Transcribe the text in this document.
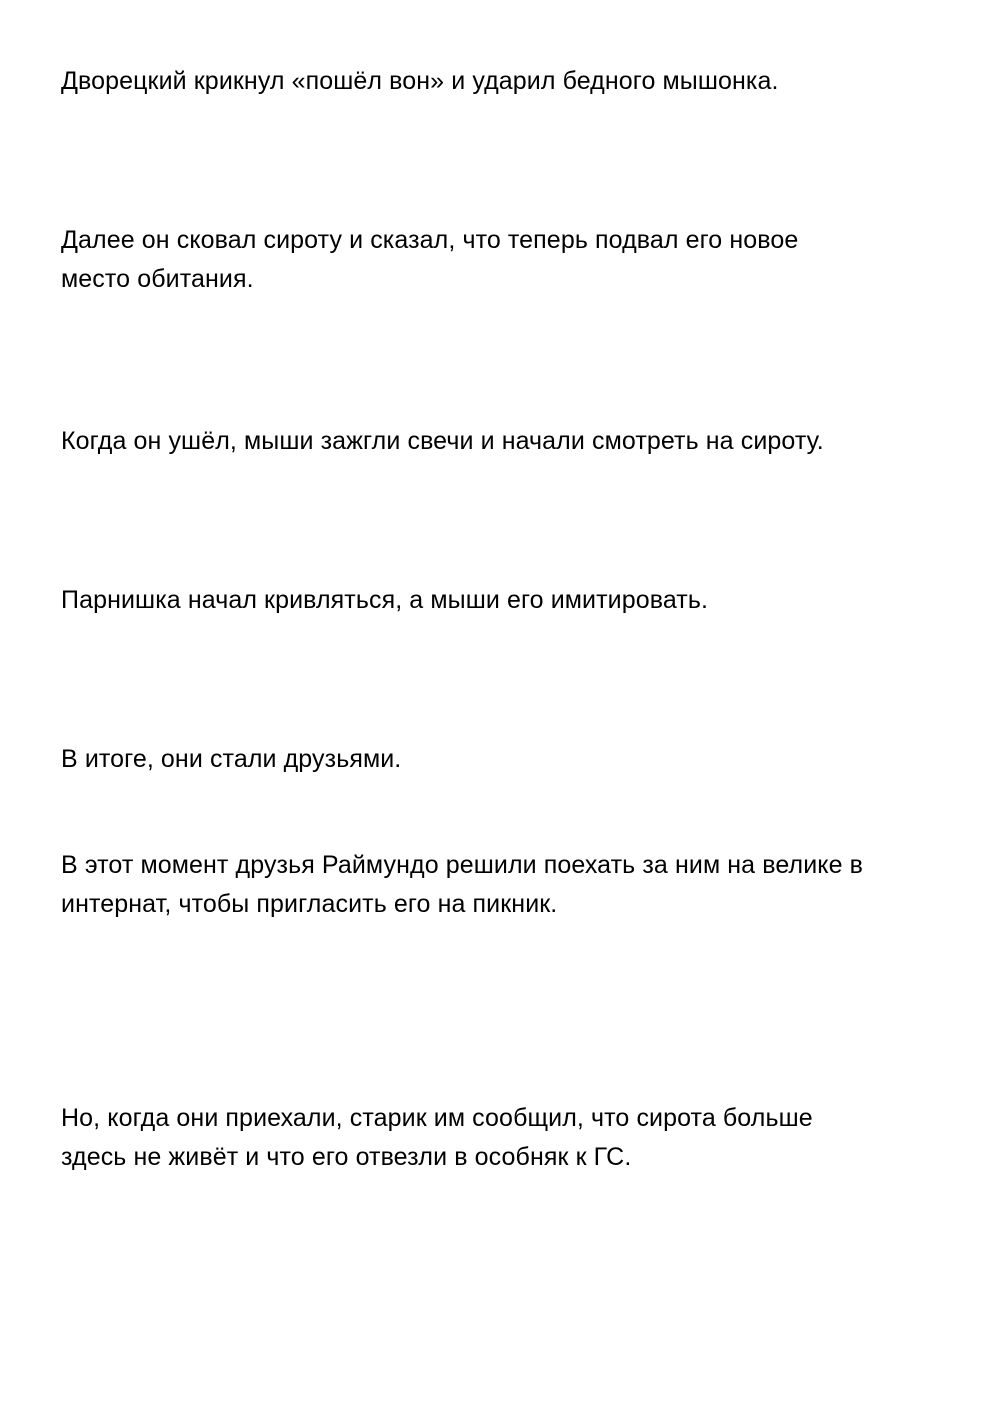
Дворецкий крикнул «пошёл вон» и ударил бедного мышонка.

Далее он сковал сироту и сказал, что теперь подвал его новое
место обитания.

Когда он ушёл, мыши зажгли свечи и начали смотреть на сироту.

Парнишка начал кривляться, а мыши его имитировать.

В итоге, они стали друзьями.

В этот момент друзья Раймундо решили поехать за ним на велике в
интернат, чтобы пригласить его на пикник.

Но, когда они приехали, старик им сообщил, что сирота больше
здесь не живёт и что его отвезли в особняк к ГС.
